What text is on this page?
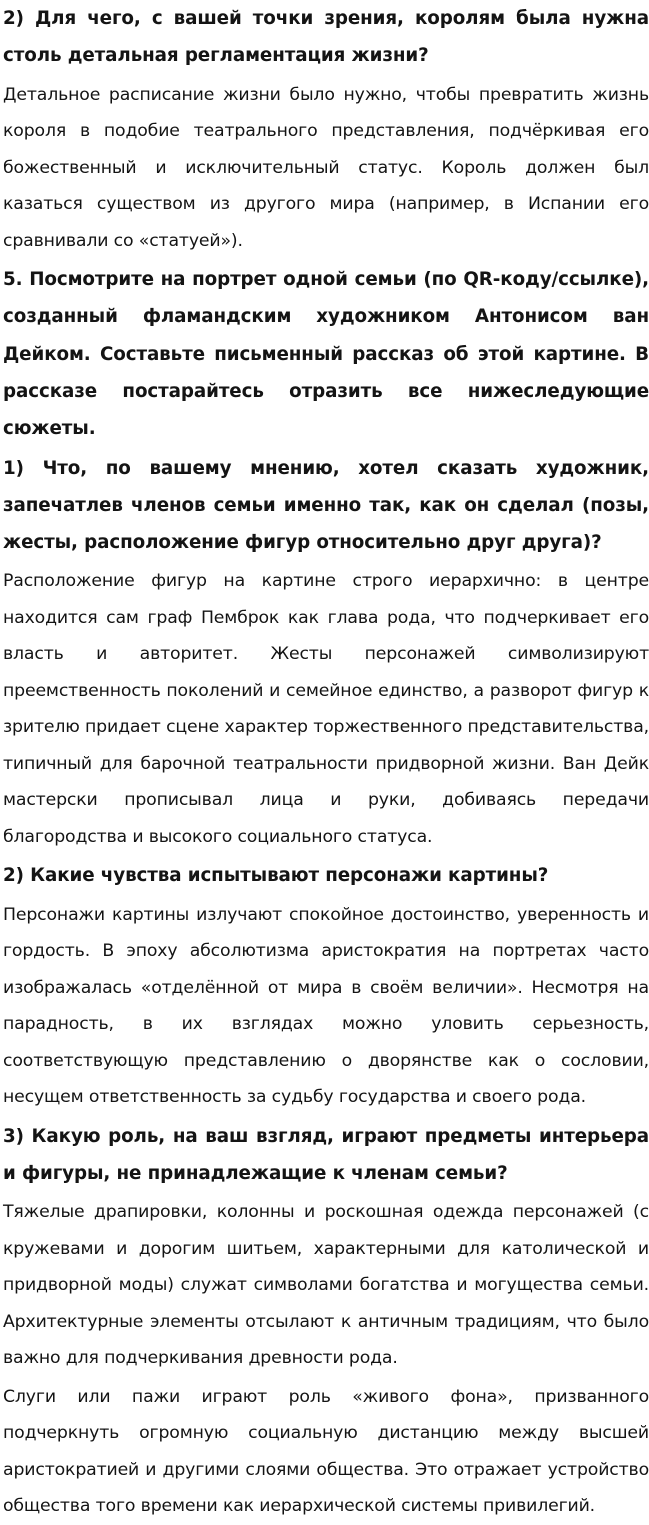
2) Для чего, с вашей точки зрения, королям была нужна столь детальная регламентация жизни?

Детальное расписание жизни было нужно, чтобы превратить жизнь короля в подобие театрального представления, подчёркивая его божественный и исключительный статус. Король должен был казаться существом из другого мира (например, в Испании его сравнивали со «статуей»).

5. Посмотрите на портрет одной семьи (по QR-коду/ссылке), созданный фламандским художником Антонисом ван Дейком. Составьте письменный рассказ об этой картине. В рассказе постарайтесь отразить все нижеследующие сюжеты.

1) Что, по вашему мнению, хотел сказать художник, запечатлев членов семьи именно так, как он сделал (позы, жесты, расположение фигур относительно друг друга)?

Расположение фигур на картине строго иерархично: в центре находится сам граф Пемброк как глава рода, что подчеркивает его власть и авторитет. Жесты персонажей символизируют преемственность поколений и семейное единство, а разворот фигур к зрителю придает сцене характер торжественного представительства, типичный для барочной театральности придворной жизни. Ван Дейк мастерски прописывал лица и руки, добиваясь передачи благородства и высокого социального статуса.

2) Какие чувства испытывают персонажи картины?

Персонажи картины излучают спокойное достоинство, уверенность и гордость. В эпоху абсолютизма аристократия на портретах часто изображалась «отделённой от мира в своём величии». Несмотря на парадность, в их взглядах можно уловить серьезность, соответствующую представлению о дворянстве как о сословии, несущем ответственность за судьбу государства и своего рода.

3) Какую роль, на ваш взгляд, играют предметы интерьера и фигуры, не принадлежащие к членам семьи?

Тяжелые драпировки, колонны и роскошная одежда персонажей (с кружевами и дорогим шитьем, характерными для католической и придворной моды) служат символами богатства и могущества семьи. Архитектурные элементы отсылают к античным традициям, что было важно для подчеркивания древности рода.

Слуги или пажи играют роль «живого фона», призванного подчеркнуть огромную социальную дистанцию между высшей аристократией и другими слоями общества. Это отражает устройство общества того времени как иерархической системы привилегий.
